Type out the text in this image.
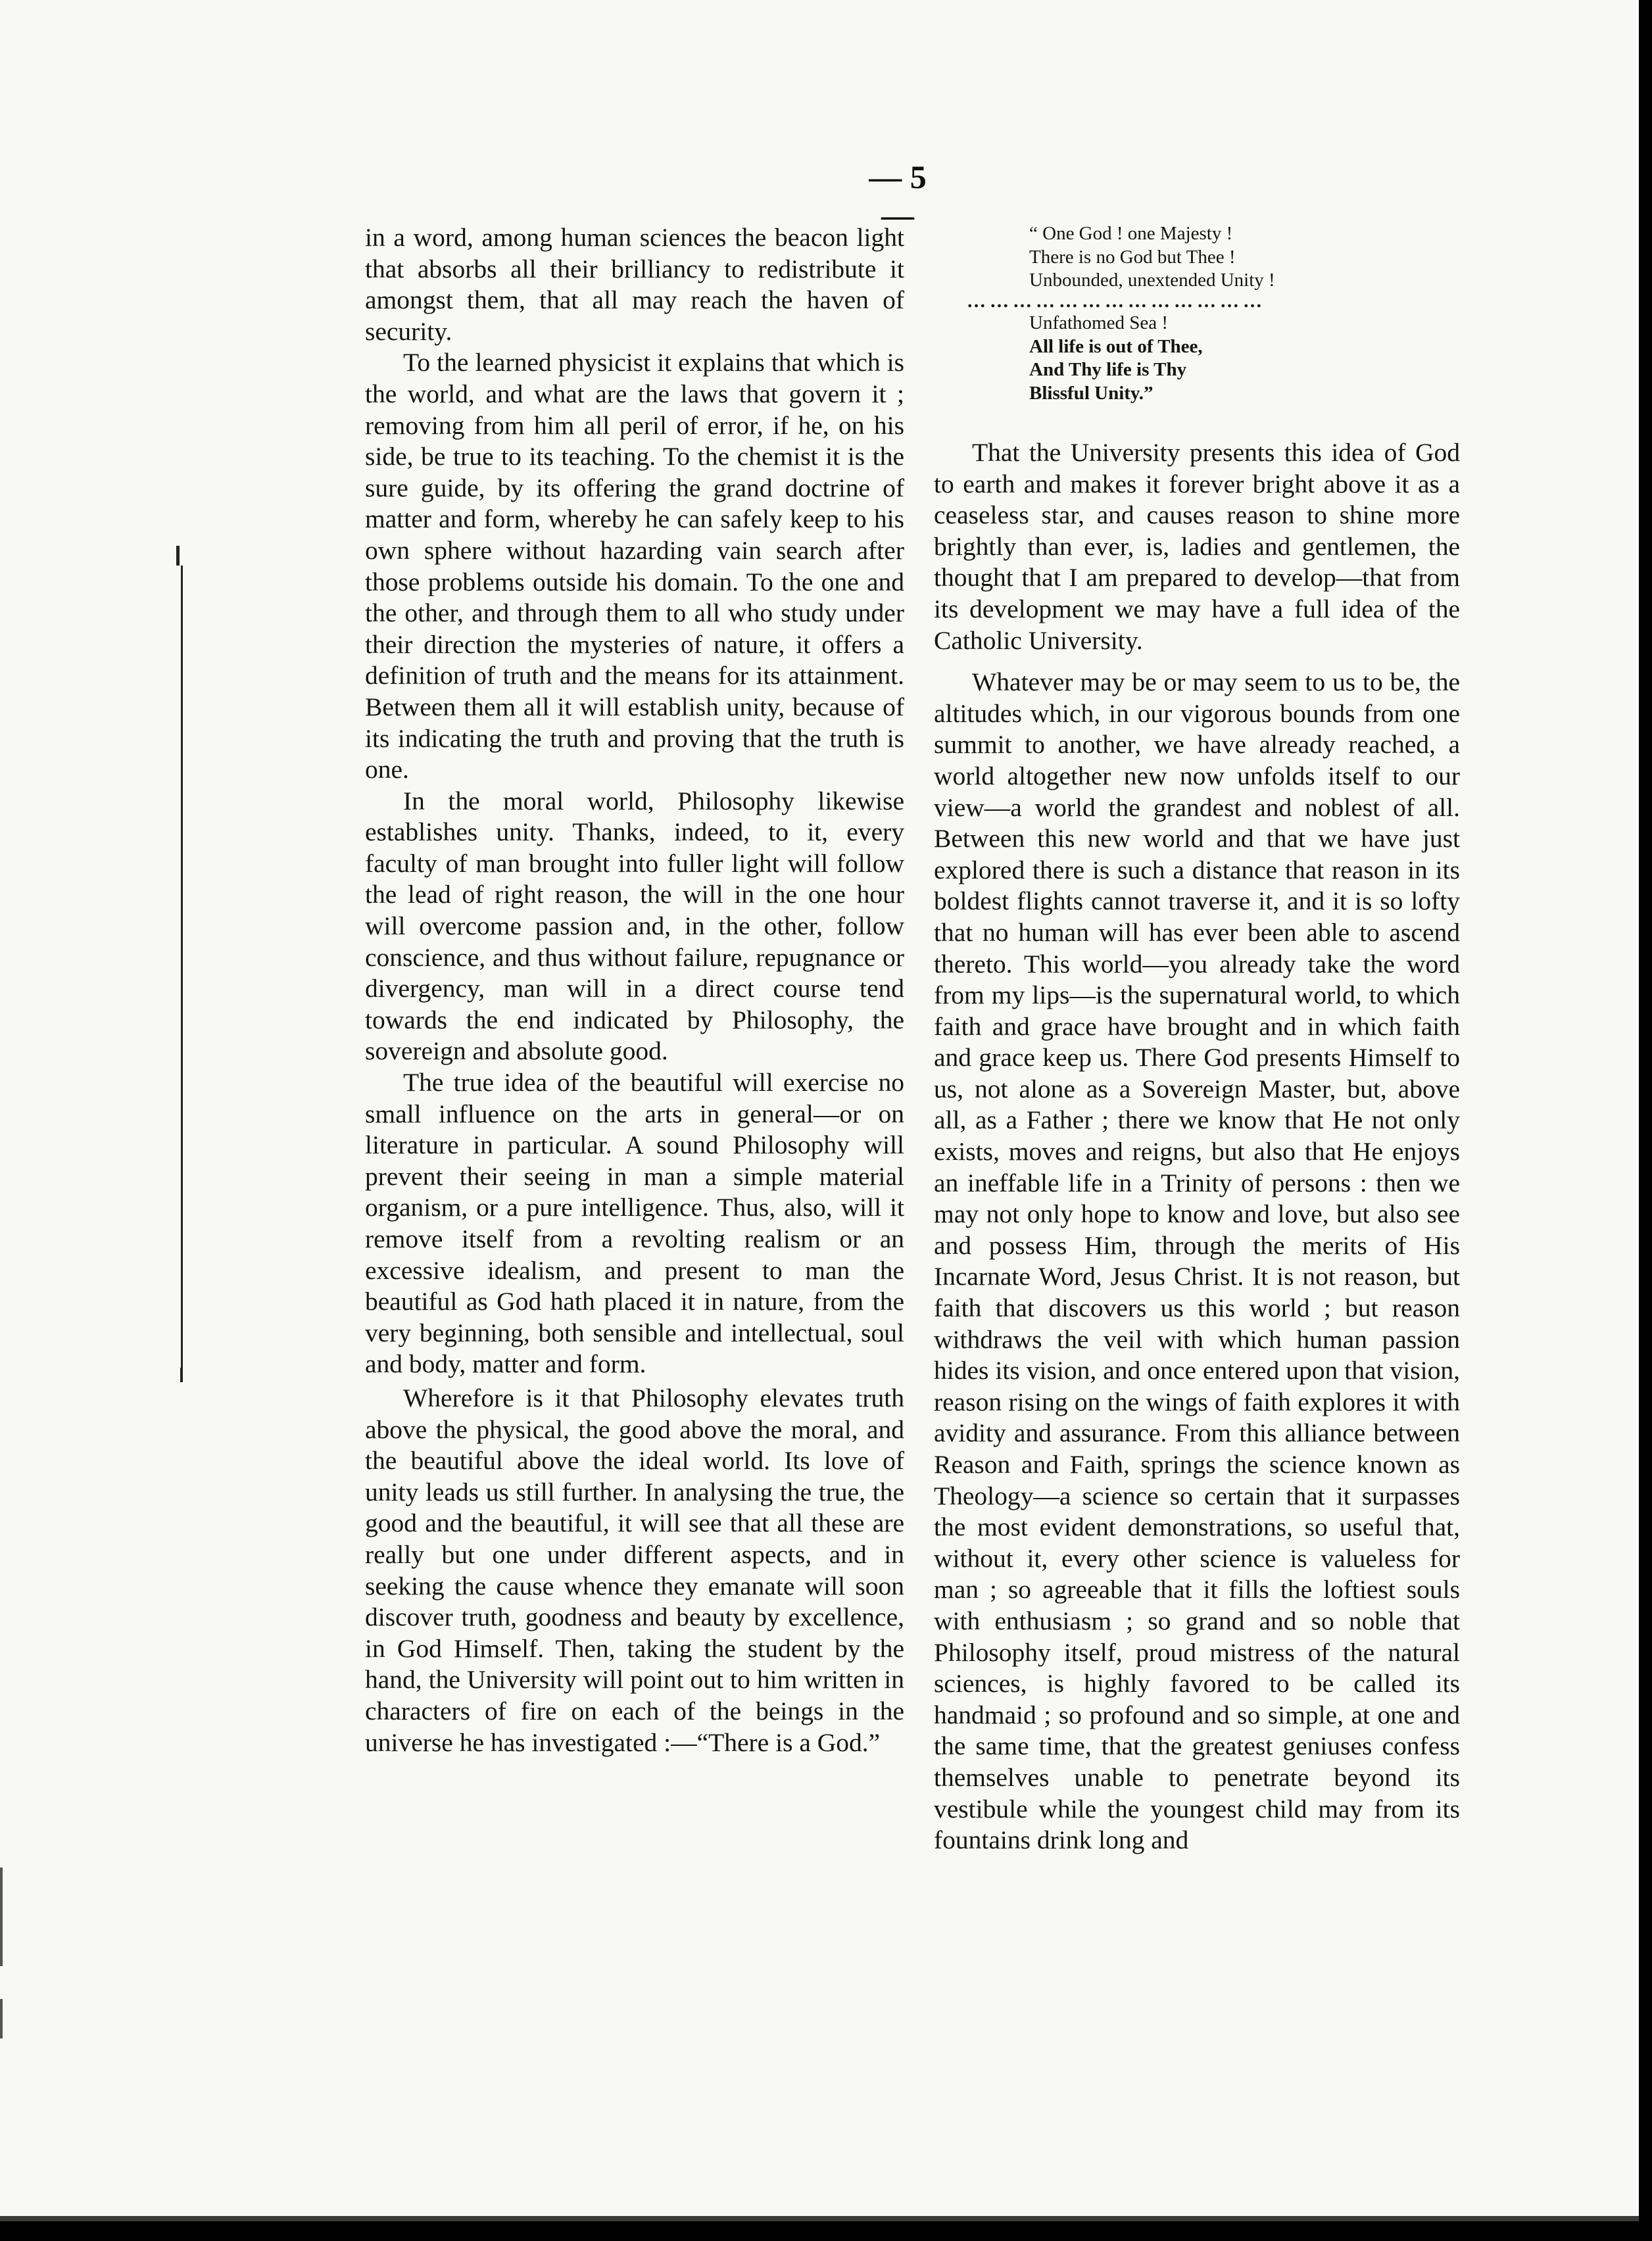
— 5 —	“ One God ! one Majesty !
There is no God but Thee !
Unbounded, unextended Unity !
…………………………………
Unfathomed Sea !
All life is out of Thee,
And Thy life is Thy
Blissful Unity.”

in a word, among human sciences the beacon light that absorbs all their brilliancy to redistribute it amongst them, that all may reach the haven of security.

To the learned physicist it explains that which is the world, and what are the laws that govern it ; removing from him all peril of error, if he, on his side, be true to its teaching. To the chemist it is the sure guide, by its offering the grand doctrine of matter and form, whereby he can safely keep to his own sphere without hazarding vain search after those problems outside his domain. To the one and the other, and through them to all who study under their direction the mysteries of nature, it offers a definition of truth and the means for its attainment. Between them all it will establish unity, because of its indicating the truth and proving that the truth is one.

In the moral world, Philosophy likewise establishes unity. Thanks, indeed, to it, every faculty of man brought into fuller light will follow the lead of right reason, the will in the one hour will overcome passion and, in the other, follow conscience, and thus without failure, repugnance or divergency, man will in a direct course tend towards the end indicated by Philosophy, the sovereign and absolute good.

The true idea of the beautiful will exercise no small influence on the arts in general—or on literature in particular. A sound Philosophy will prevent their seeing in man a simple material organism, or a pure intelligence. Thus, also, will it remove itself from a revolting realism or an excessive idealism, and present to man the beautiful as God hath placed it in nature, from the very beginning, both sensible and intellectual, soul and body, matter and form.

Wherefore is it that Philosophy elevates truth above the physical, the good above the moral, and the beautiful above the ideal world. Its love of unity leads us still further. In analysing the true, the good and the beautiful, it will see that all these are really but one under different aspects, and in seeking the cause whence they emanate will soon discover truth, goodness and beauty by excellence, in God Himself. Then, taking the student by the hand, the University will point out to him written in characters of fire on each of the beings in the universe he has investigated :—“There is a God.”

That the University presents this idea of God to earth and makes it forever bright above it as a ceaseless star, and causes reason to shine more brightly than ever, is, ladies and gentlemen, the thought that I am prepared to develop—that from its development we may have a full idea of the Catholic University.

Whatever may be or may seem to us to be, the altitudes which, in our vigorous bounds from one summit to another, we have already reached, a world altogether new now unfolds itself to our view—a world the grandest and noblest of all. Between this new world and that we have just explored there is such a distance that reason in its boldest flights cannot traverse it, and it is so lofty that no human will has ever been able to ascend thereto. This world—you already take the word from my lips—is the supernatural world, to which faith and grace have brought and in which faith and grace keep us. There God presents Himself to us, not alone as a Sovereign Master, but, above all, as a Father ; there we know that He not only exists, moves and reigns, but also that He enjoys an ineffable life in a Trinity of persons : then we may not only hope to know and love, but also see and possess Him, through the merits of His Incarnate Word, Jesus Christ. It is not reason, but faith that discovers us this world ; but reason withdraws the veil with which human passion hides its vision, and once entered upon that vision, reason rising on the wings of faith explores it with avidity and assurance. From this alliance between Reason and Faith, springs the science known as Theology—a science so certain that it surpasses the most evident demonstrations, so useful that, without it, every other science is valueless for man ; so agreeable that it fills the loftiest souls with enthusiasm ; so grand and so noble that Philosophy itself, proud mistress of the natural sciences, is highly favored to be called its handmaid ; so profound and so simple, at one and the same time, that the greatest geniuses confess themselves unable to penetrate beyond its vestibule while the youngest child may from its fountains drink long and
